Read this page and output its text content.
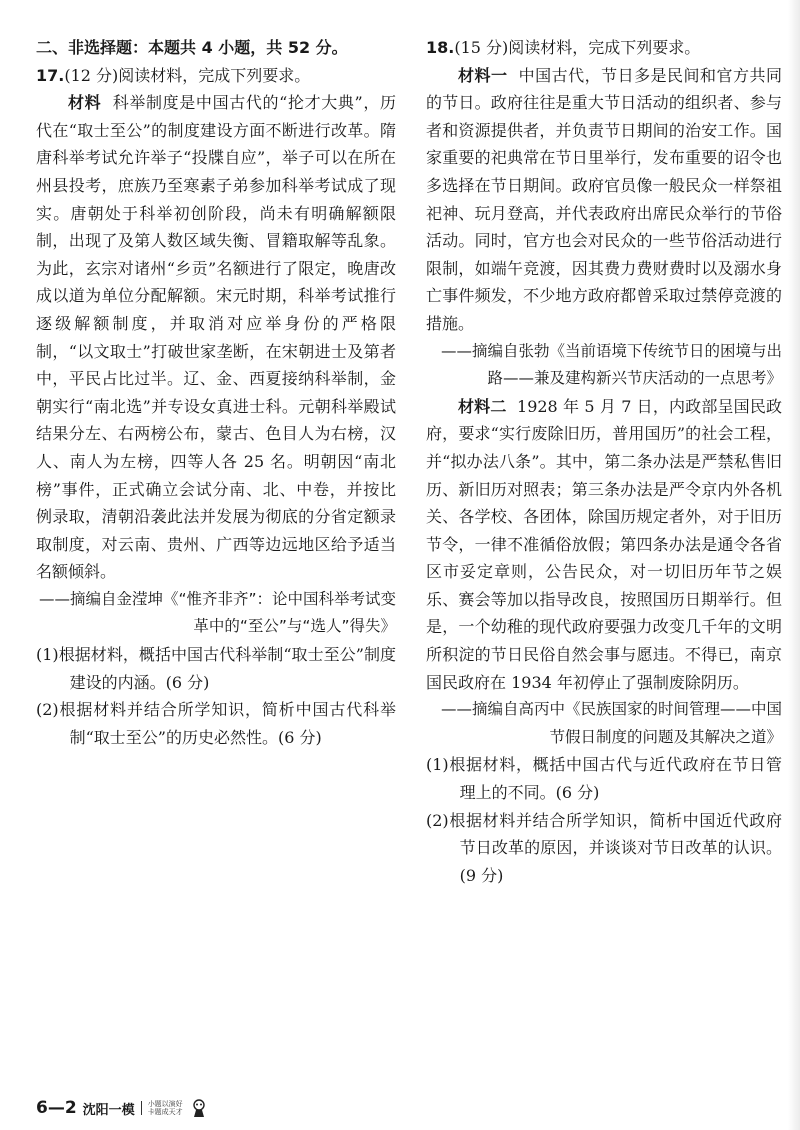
二、非选择题：本题共 4 小题，共 52 分。

17.(12 分)阅读材料，完成下列要求。

材料 科举制度是中国古代的“抡才大典”，历代在“取士至公”的制度建设方面不断进行改革。隋唐科举考试允许举子“投牒自应”，举子可以在所在州县投考，庶族乃至寒素子弟参加科举考试成了现实。唐朝处于科举初创阶段，尚未有明确解额限制，出现了及第人数区域失衡、冒籍取解等乱象。为此，玄宗对诸州“乡贡”名额进行了限定，晚唐改成以道为单位分配解额。宋元时期，科举考试推行逐级解额制度，并取消对应举身份的严格限制，“以文取士”打破世家垄断，在宋朝进士及第者中，平民占比过半。辽、金、西夏接纳科举制，金朝实行“南北选”并专设女真进士科。元朝科举殿试结果分左、右两榜公布，蒙古、色目人为右榜，汉人、南人为左榜，四等人各 25 名。明朝因“南北榜”事件，正式确立会试分南、北、中卷，并按比例录取，清朝沿袭此法并发展为彻底的分省定额录取制度，对云南、贵州、广西等边远地区给予适当名额倾斜。

——摘编自金滢坤《“惟齐非齐”：论中国科举考试变革中的“至公”与“选人”得失》

(1)根据材料，概括中国古代科举制“取士至公”制度建设的内涵。(6 分)

(2)根据材料并结合所学知识，简析中国古代科举制“取士至公”的历史必然性。(6 分)

18.(15 分)阅读材料，完成下列要求。

材料一 中国古代，节日多是民间和官方共同的节日。政府往往是重大节日活动的组织者、参与者和资源提供者，并负责节日期间的治安工作。国家重要的祀典常在节日里举行，发布重要的诏令也多选择在节日期间。政府官员像一般民众一样祭祖祀神、玩月登高，并代表政府出席民众举行的节俗活动。同时，官方也会对民众的一些节俗活动进行限制，如端午竞渡，因其费力费财费时以及溺水身亡事件频发，不少地方政府都曾采取过禁停竞渡的措施。

——摘编自张勃《当前语境下传统节日的困境与出路——兼及建构新兴节庆活动的一点思考》

材料二 1928 年 5 月 7 日，内政部呈国民政府，要求“实行废除旧历，普用国历”的社会工程，并“拟办法八条”。其中，第二条办法是严禁私售旧历、新旧历对照表；第三条办法是严令京内外各机关、各学校、各团体，除国历规定者外，对于旧历节令，一律不准循俗放假；第四条办法是通令各省区市妥定章则，公告民众，对一切旧历年节之娱乐、赛会等加以指导改良，按照国历日期举行。但是，一个幼稚的现代政府要强力改变几千年的文明所积淀的节日民俗自然会事与愿违。不得已，南京国民政府在 1934 年初停止了强制废除阴历。

——摘编自高丙中《民族国家的时间管理——中国节假日制度的问题及其解决之道》

(1)根据材料，概括中国古代与近代政府在节日管理上的不同。(6 分)

(2)根据材料并结合所学知识，简析中国近代政府节日改革的原因，并谈谈对节日改革的认识。(9 分)

6—2 沈阳一模 小题以演好
卡题成天才
